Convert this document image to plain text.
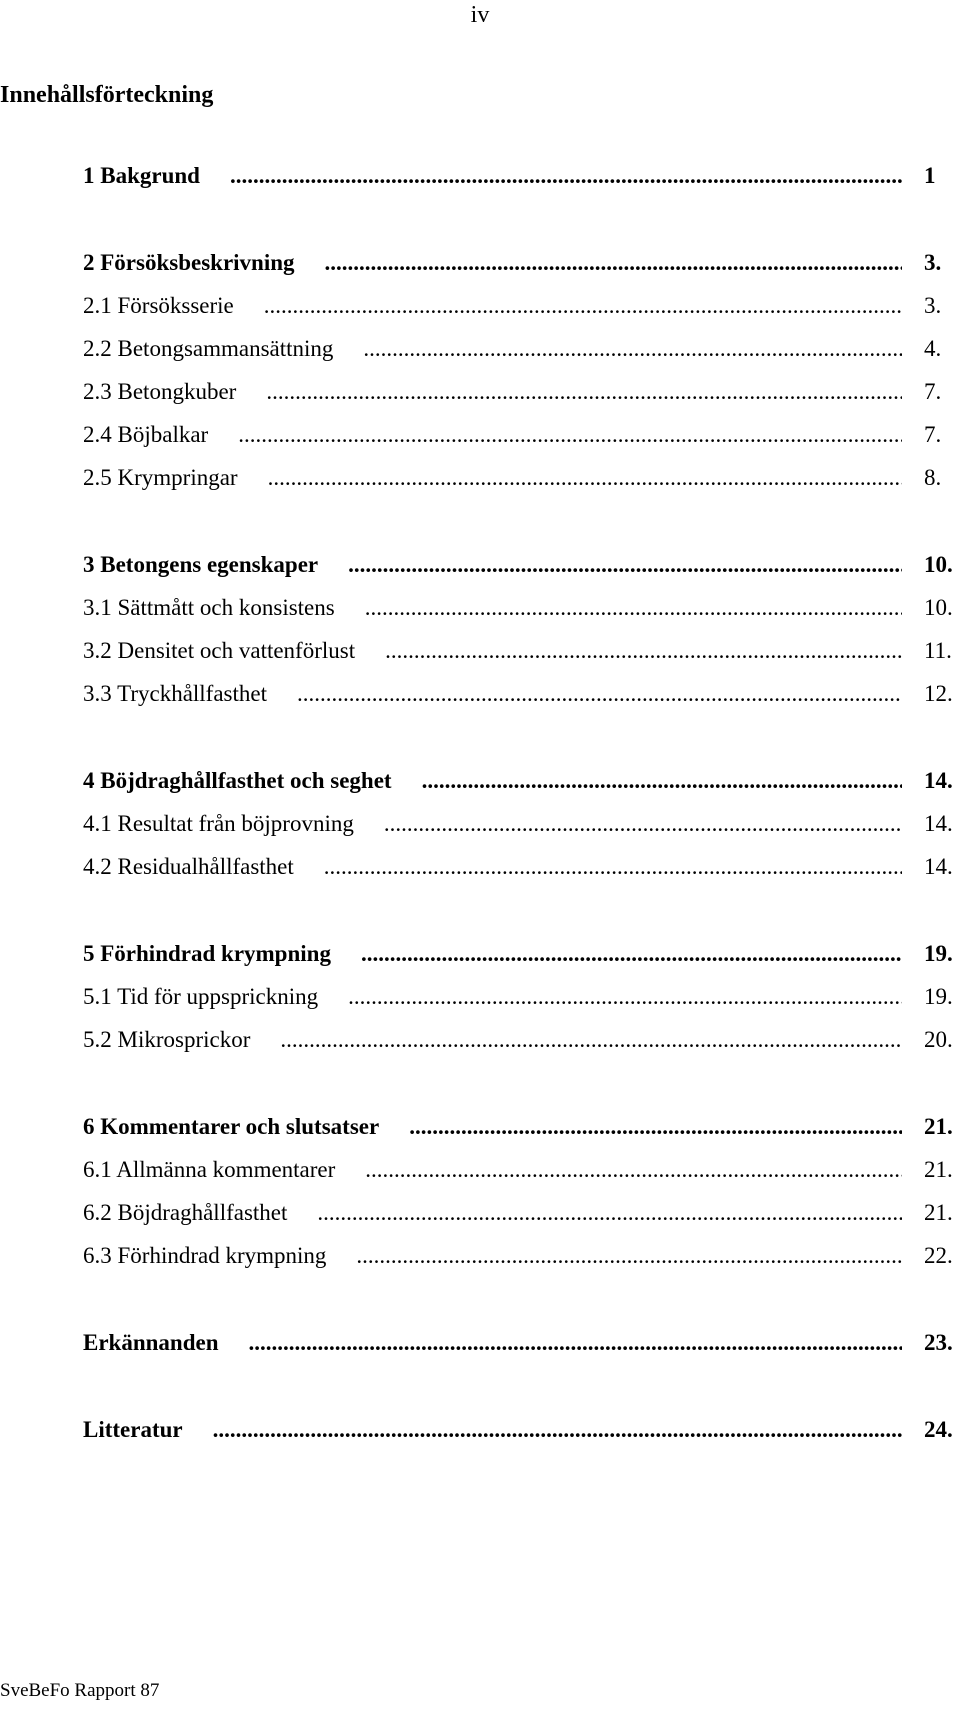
iv
Innehållsförteckning
1 Bakgrund .....	1
2 Försöksbeskrivning .....	3.
2.1 Försöksserie .....	3.
2.2 Betongsammansättning .....	4.
2.3 Betongkuber .....	7.
2.4 Böjbalkar .....	7.
2.5 Krympringar .....	8.
3 Betongens egenskaper .....	10.
3.1 Sättmått och konsistens .....	10.
3.2 Densitet och vattenförlust .....	11.
3.3 Tryckhållfasthet .....	12.
4 Böjdraghållfasthet och seghet .....	14.
4.1 Resultat från böjprovning .....	14.
4.2 Residualhållfasthet .....	14.
5 Förhindrad krympning .....	19.
5.1 Tid för uppsprickning .....	19.
5.2 Mikrosprickor .....	20.
6 Kommentarer och slutsatser .....	21.
6.1 Allmänna kommentarer .....	21.
6.2 Böjdraghållfasthet .....	21.
6.3 Förhindrad krympning .....	22.
Erkännanden .....	23.
Litteratur .....	24.
SveBeFo Rapport 87
